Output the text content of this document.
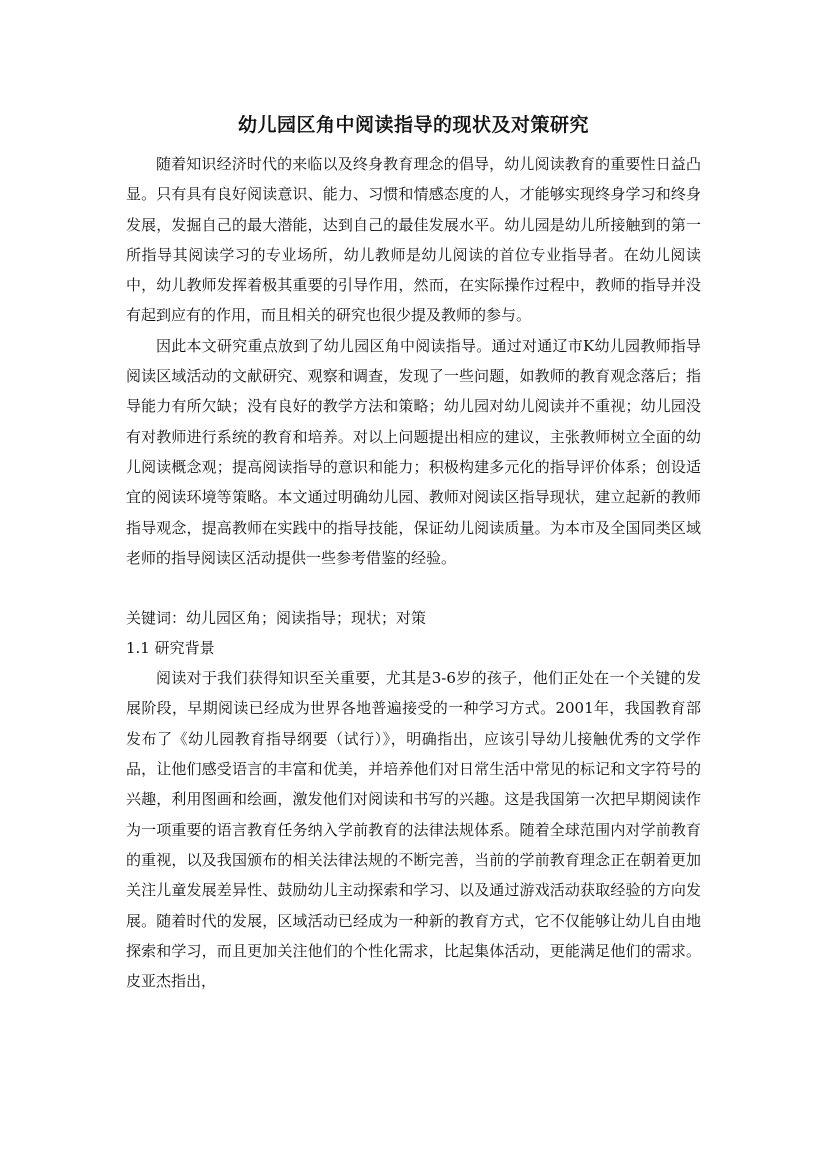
幼儿园区角中阅读指导的现状及对策研究

随着知识经济时代的来临以及终身教育理念的倡导，幼儿阅读教育的重要性日益凸显。只有具有良好阅读意识、能力、习惯和情感态度的人，才能够实现终身学习和终身发展，发掘自己的最大潜能，达到自己的最佳发展水平。幼儿园是幼儿所接触到的第一所指导其阅读学习的专业场所，幼儿教师是幼儿阅读的首位专业指导者。在幼儿阅读中，幼儿教师发挥着极其重要的引导作用，然而，在实际操作过程中，教师的指导并没有起到应有的作用，而且相关的研究也很少提及教师的参与。

因此本文研究重点放到了幼儿园区角中阅读指导。通过对通辽市K幼儿园教师指导阅读区域活动的文献研究、观察和调查，发现了一些问题，如教师的教育观念落后；指导能力有所欠缺；没有良好的教学方法和策略；幼儿园对幼儿阅读并不重视；幼儿园没有对教师进行系统的教育和培养。对以上问题提出相应的建议，主张教师树立全面的幼儿阅读概念观；提高阅读指导的意识和能力；积极构建多元化的指导评价体系；创设适宜的阅读环境等策略。本文通过明确幼儿园、教师对阅读区指导现状，建立起新的教师指导观念，提高教师在实践中的指导技能，保证幼儿阅读质量。为本市及全国同类区域老师的指导阅读区活动提供一些参考借鉴的经验。

关键词：幼儿园区角；阅读指导；现状；对策

1.1 研究背景

阅读对于我们获得知识至关重要，尤其是3-6岁的孩子，他们正处在一个关键的发展阶段，早期阅读已经成为世界各地普遍接受的一种学习方式。2001年，我国教育部发布了《幼儿园教育指导纲要（试行）》，明确指出，应该引导幼儿接触优秀的文学作品，让他们感受语言的丰富和优美，并培养他们对日常生活中常见的标记和文字符号的兴趣，利用图画和绘画，激发他们对阅读和书写的兴趣。这是我国第一次把早期阅读作为一项重要的语言教育任务纳入学前教育的法律法规体系。随着全球范围内对学前教育的重视，以及我国颁布的相关法律法规的不断完善，当前的学前教育理念正在朝着更加关注儿童发展差异性、鼓励幼儿主动探索和学习、以及通过游戏活动获取经验的方向发展。随着时代的发展，区域活动已经成为一种新的教育方式，它不仅能够让幼儿自由地探索和学习，而且更加关注他们的个性化需求，比起集体活动，更能满足他们的需求。皮亚杰指出，
